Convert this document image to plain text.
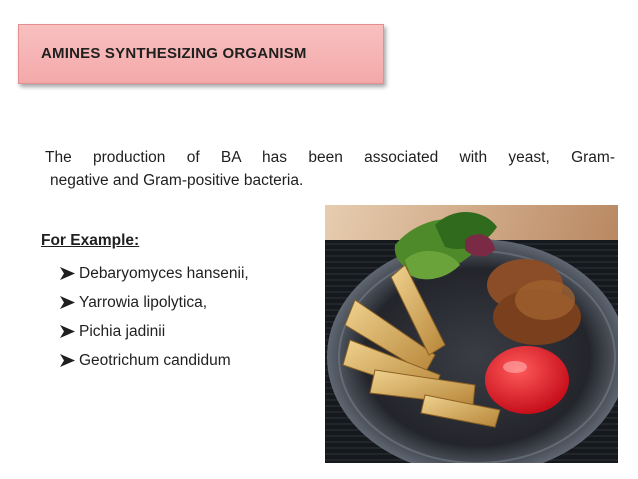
AMINES SYNTHESIZING ORGANISM
The production of BA has been associated with yeast, Gram-
negative and Gram-positive bacteria.
For Example:
Debaryomyces hansenii,
Yarrowia lipolytica,
Pichia jadinii
Geotrichum candidum
